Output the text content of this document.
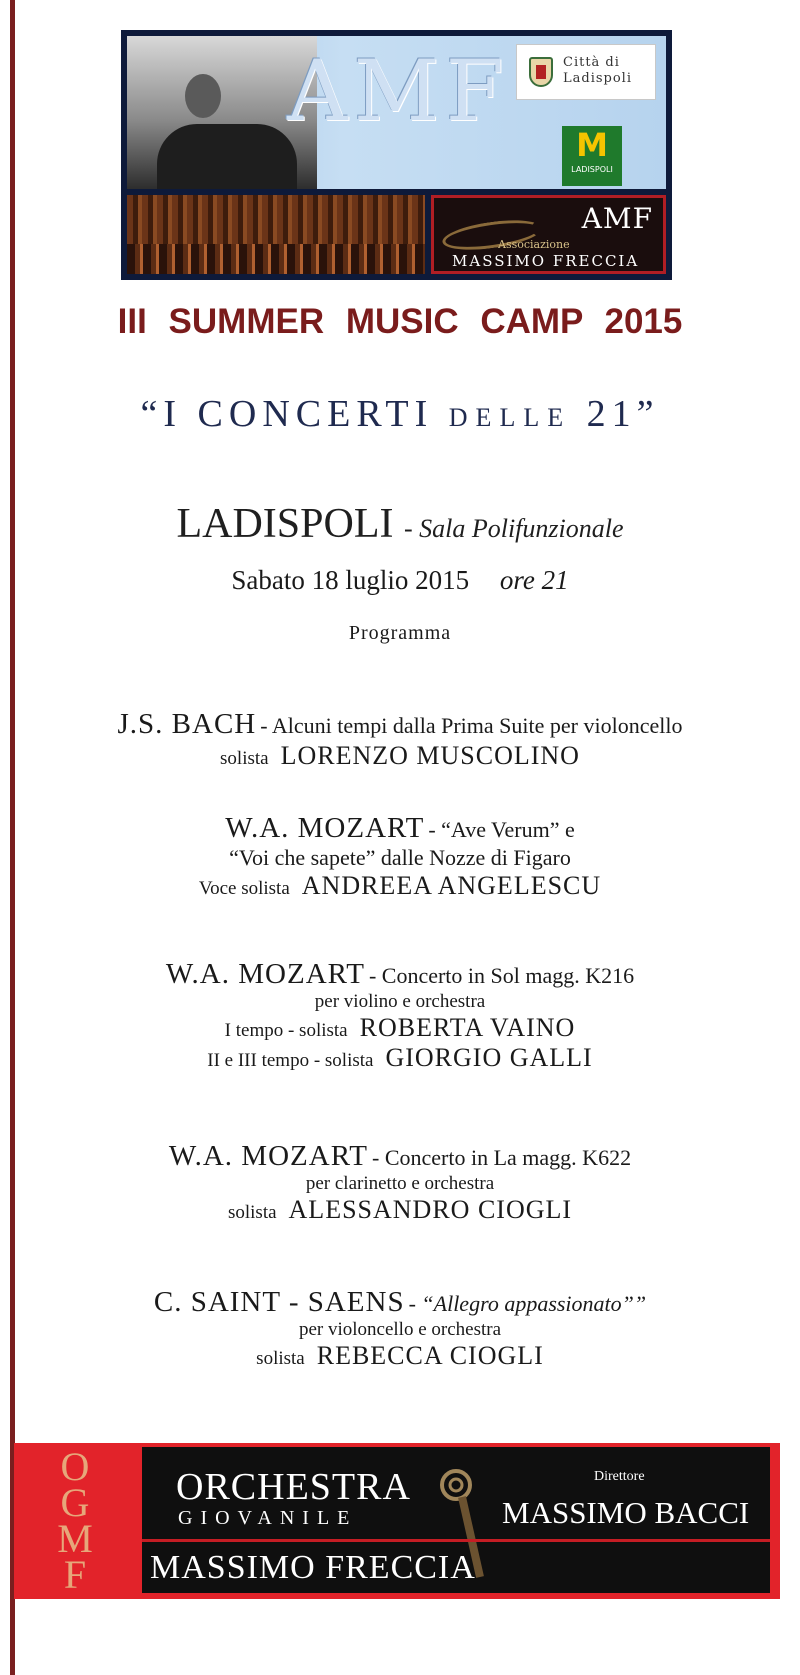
AMF	Città di
Ladispoli
M
LADISPOLI
AMF
Associazione
MASSIMO FRECCIA
III SUMMER MUSIC CAMP 2015
“I CONCERTI DELLE 21”
LADISPOLI - Sala Polifunzionale
Sabato 18 luglio 2015 ore 21
Programma
J.S. BACH - Alcuni tempi dalla Prima Suite per violoncello
solista LORENZO MUSCOLINO
W.A. MOZART - “Ave Verum” e
“Voi che sapete” dalle Nozze di Figaro
Voce solista ANDREEA ANGELESCU
W.A. MOZART - Concerto in Sol magg. K216
per violino e orchestra
I tempo - solista ROBERTA VAINO
II e III tempo - solista GIORGIO GALLI
W.A. MOZART - Concerto in La magg. K622
per clarinetto e orchestra
solista ALESSANDRO CIOGLI
C. SAINT - SAENS - “Allegro appassionato””
per violoncello e orchestra
solista REBECCA CIOGLI
O
G
M
F
ORCHESTRA
GIOVANILE
Direttore
MASSIMO BACCI
MASSIMO FRECCIA
